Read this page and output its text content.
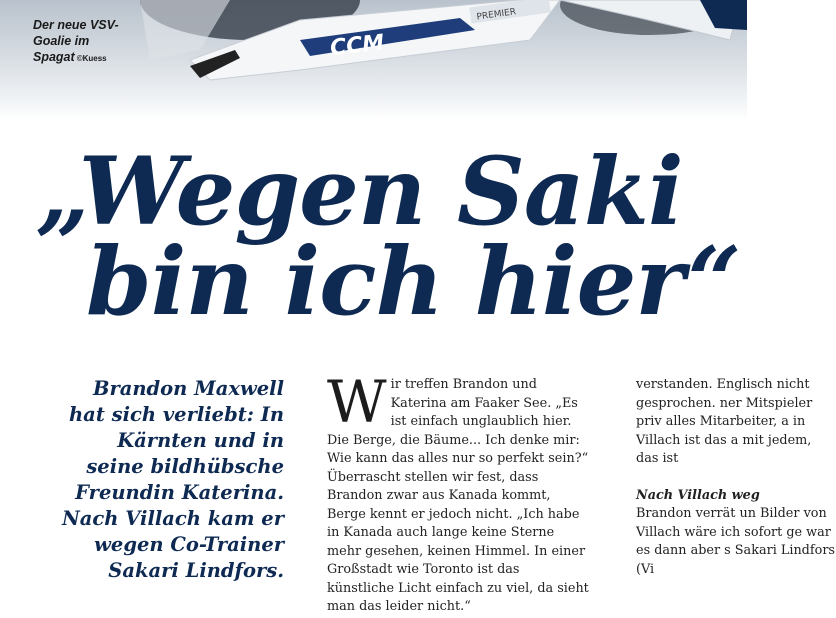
CCM
PREMIER
Der neue VSV-Goalie im Spagat ©Kuess
„Wegen Saki
bin ich hier“
Brandon Maxwell hat sich verliebt: In Kärnten und in seine bildhübsche Freundin Katerina. Nach Villach kam er wegen Co-Trainer Sakari Lindfors.
W ir treffen Brandon und Katerina am Faaker See. „Es ist einfach unglaublich hier. Die Berge, die Bäume... Ich denke mir: Wie kann das alles nur so perfekt sein?“ Überrascht stellen wir fest, dass Brandon zwar aus Kanada kommt, Berge kennt er jedoch nicht. „Ich habe in Kanada auch lange keine Sterne mehr gesehen, keinen Himmel. In einer Großstadt wie Toronto ist das künstliche Licht einfach zu viel, da sieht man das leider nicht.“

verstanden. Englisch nicht gesprochen. ner Mitspieler priv alles Mitarbeiter, a in Villach ist das a mit jedem, das ist

Nach Villach weg

Brandon verrät un Bilder von Villach wäre ich sofort ge war es dann aber s Sakari Lindfors (Vi
